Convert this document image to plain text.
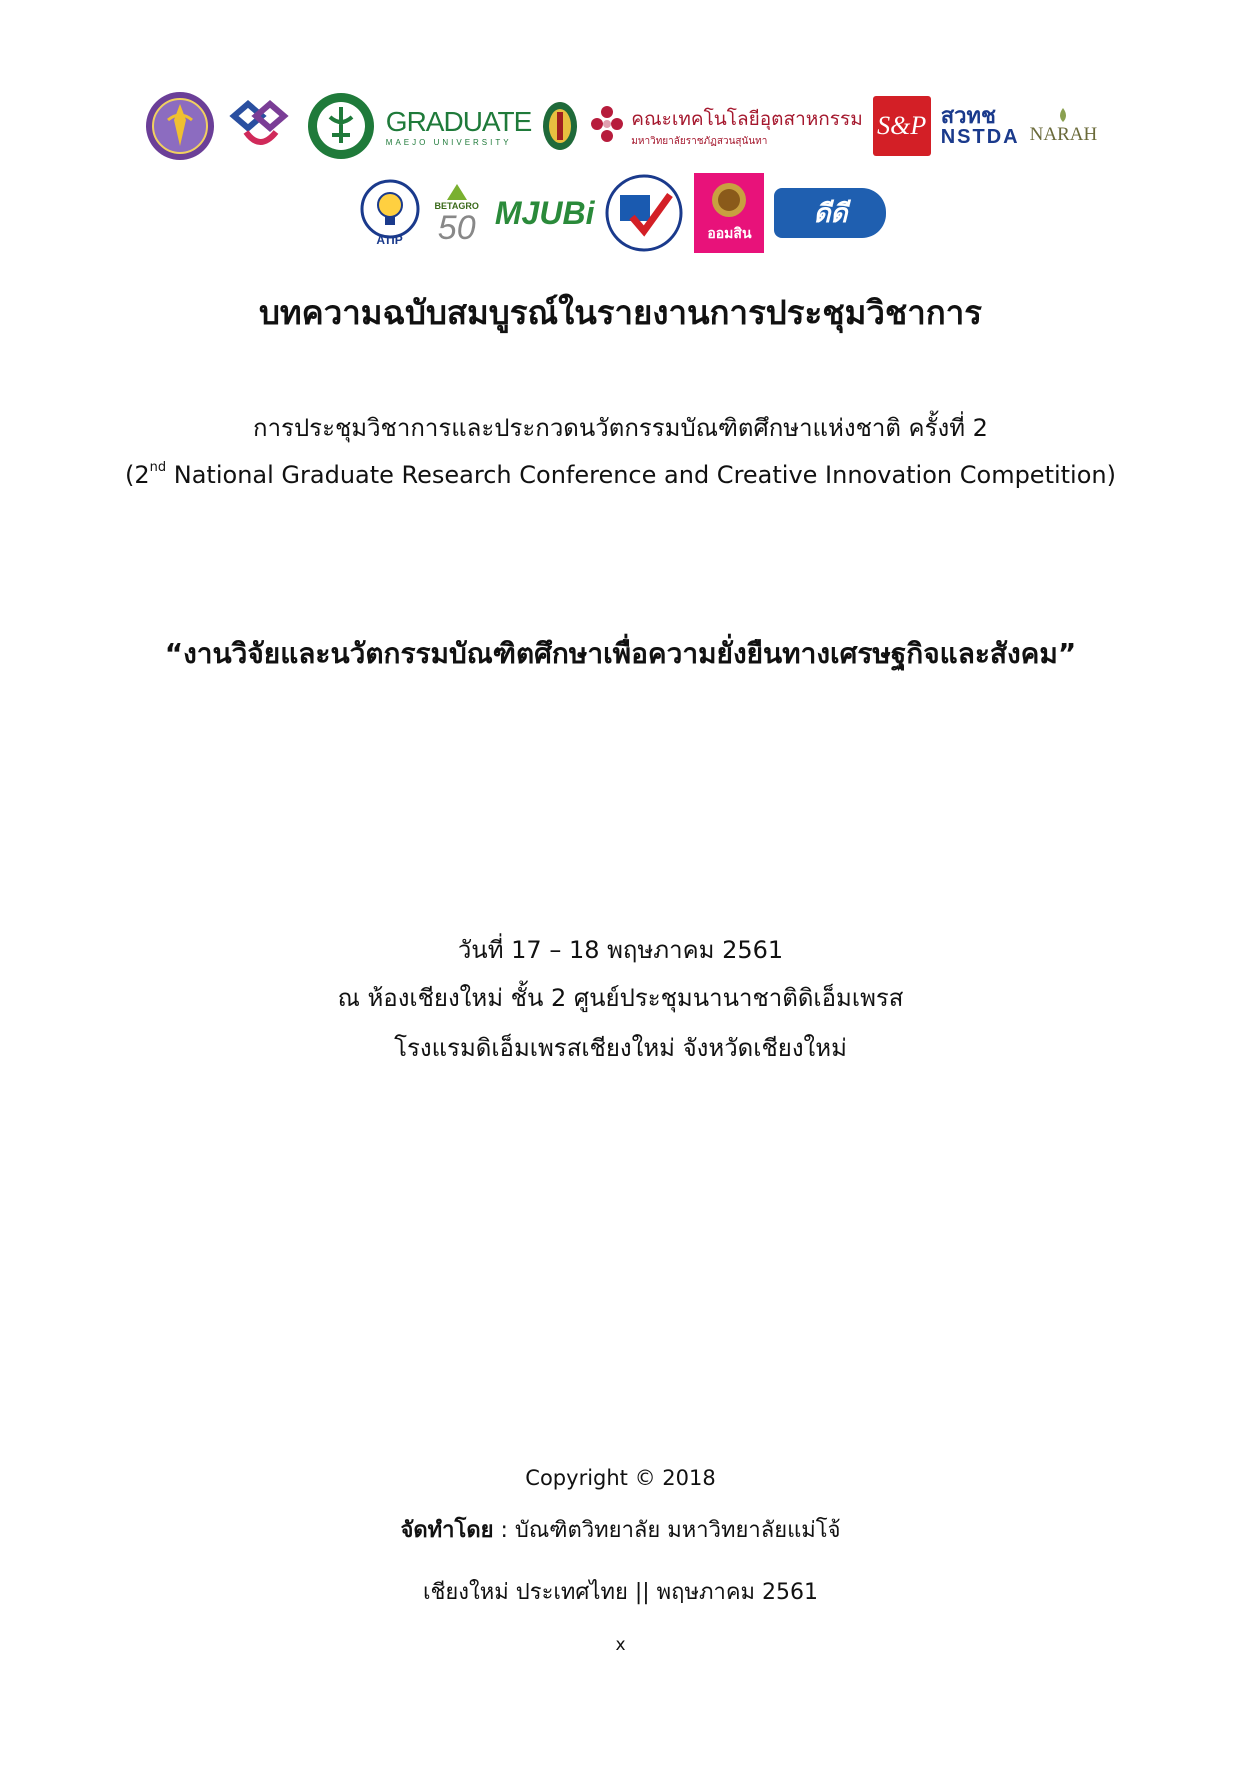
GRADUATE
MAEJO UNIVERSITY
คณะเทคโนโลยีอุตสาหกรรม
มหาวิทยาลัยราชภัฏสวนสุนันทา
S&P สวทช
NSTDA NARAH
ATIP
BETAGRO
50 MJUBi
ออมสิน
ดีดี
บทความฉบับสมบูรณ์ในรายงานการประชุมวิชาการ
การประชุมวิชาการและประกวดนวัตกรรมบัณฑิตศึกษาแห่งชาติ ครั้งที่ 2
(2nd National Graduate Research Conference and Creative Innovation Competition)
“งานวิจัยและนวัตกรรมบัณฑิตศึกษาเพื่อความยั่งยืนทางเศรษฐกิจและสังคม”
วันที่ 17 – 18 พฤษภาคม 2561
ณ ห้องเชียงใหม่ ชั้น 2 ศูนย์ประชุมนานาชาติดิเอ็มเพรส
โรงแรมดิเอ็มเพรสเชียงใหม่ จังหวัดเชียงใหม่
Copyright © 2018
จัดทำโดย : บัณฑิตวิทยาลัย มหาวิทยาลัยแม่โจ้
เชียงใหม่ ประเทศไทย || พฤษภาคม 2561
x
